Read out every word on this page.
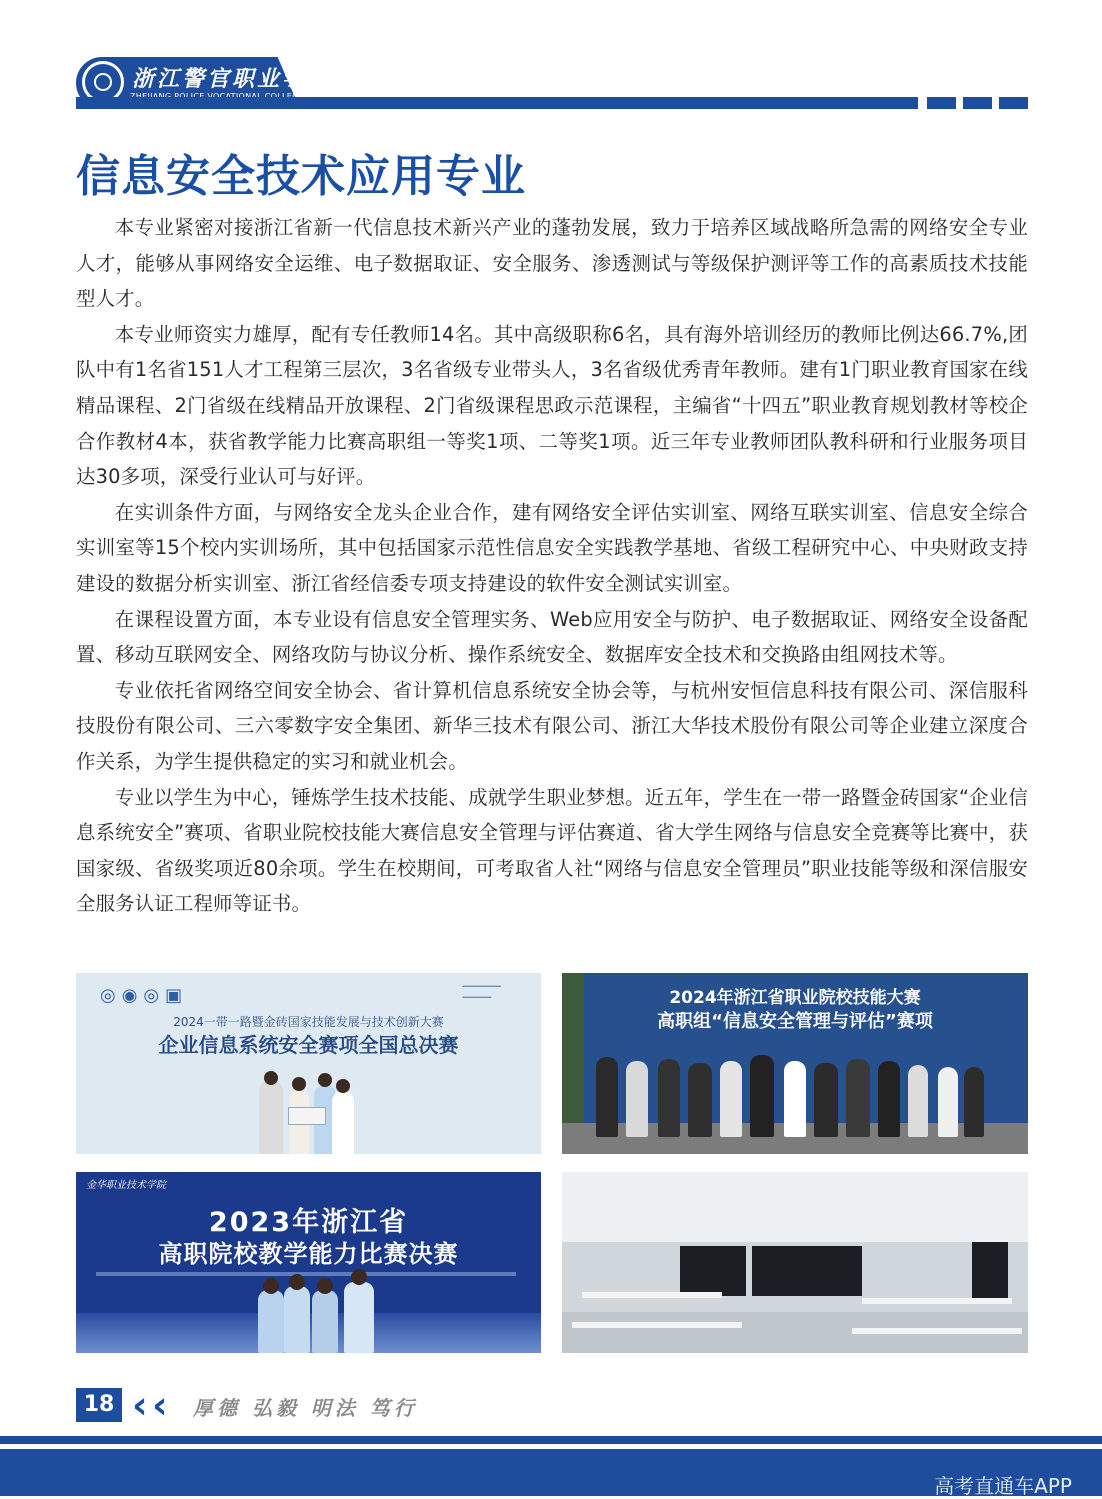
浙江警官职业学院
信息安全技术应用专业

本专业紧密对接浙江省新一代信息技术新兴产业的蓬勃发展，致力于培养区域战略所急需的网络安全专业人才，能够从事网络安全运维、电子数据取证、安全服务、渗透测试与等级保护测评等工作的高素质技术技能型人才。

本专业师资实力雄厚，配有专任教师14名。其中高级职称6名，具有海外培训经历的教师比例达66.7%,团队中有1名省151人才工程第三层次，3名省级专业带头人，3名省级优秀青年教师。建有1门职业教育国家在线精品课程、2门省级在线精品开放课程、2门省级课程思政示范课程，主编省“十四五”职业教育规划教材等校企合作教材4本，获省教学能力比赛高职组一等奖1项、二等奖1项。近三年专业教师团队教科研和行业服务项目达30多项，深受行业认可与好评。

在实训条件方面，与网络安全龙头企业合作，建有网络安全评估实训室、网络互联实训室、信息安全综合实训室等15个校内实训场所，其中包括国家示范性信息安全实践教学基地、省级工程研究中心、中央财政支持建设的数据分析实训室、浙江省经信委专项支持建设的软件安全测试实训室。

在课程设置方面，本专业设有信息安全管理实务、Web应用安全与防护、电子数据取证、网络安全设备配置、移动互联网安全、网络攻防与协议分析、操作系统安全、数据库安全技术和交换路由组网技术等。

专业依托省网络空间安全协会、省计算机信息系统安全协会等，与杭州安恒信息科技有限公司、深信服科技股份有限公司、三六零数字安全集团、新华三技术有限公司、浙江大华技术股份有限公司等企业建立深度合作关系，为学生提供稳定的实习和就业机会。

专业以学生为中心，锤炼学生技术技能、成就学生职业梦想。近五年，学生在一带一路暨金砖国家“企业信息系统安全”赛项、省职业院校技能大赛信息安全管理与评估赛道、省大学生网络与信息安全竞赛等比赛中，获国家级、省级奖项近80余项。学生在校期间，可考取省人社“网络与信息安全管理员”职业技能等级和深信服安全服务认证工程师等证书。

◎◉◎▣	━━━━━━━━
━━━━━━
2024一带一路暨金砖国家技能发展与技术创新大赛
企业信息系统安全赛项全国总决赛
2024年浙江省职业院校技能大赛
高职组“信息安全管理与评估”赛项
金华职业技术学院
2023年浙江省
高职院校教学能力比赛决赛
18 ‹ ‹ 厚德 弘毅 明法 笃行
高考直通车APP
